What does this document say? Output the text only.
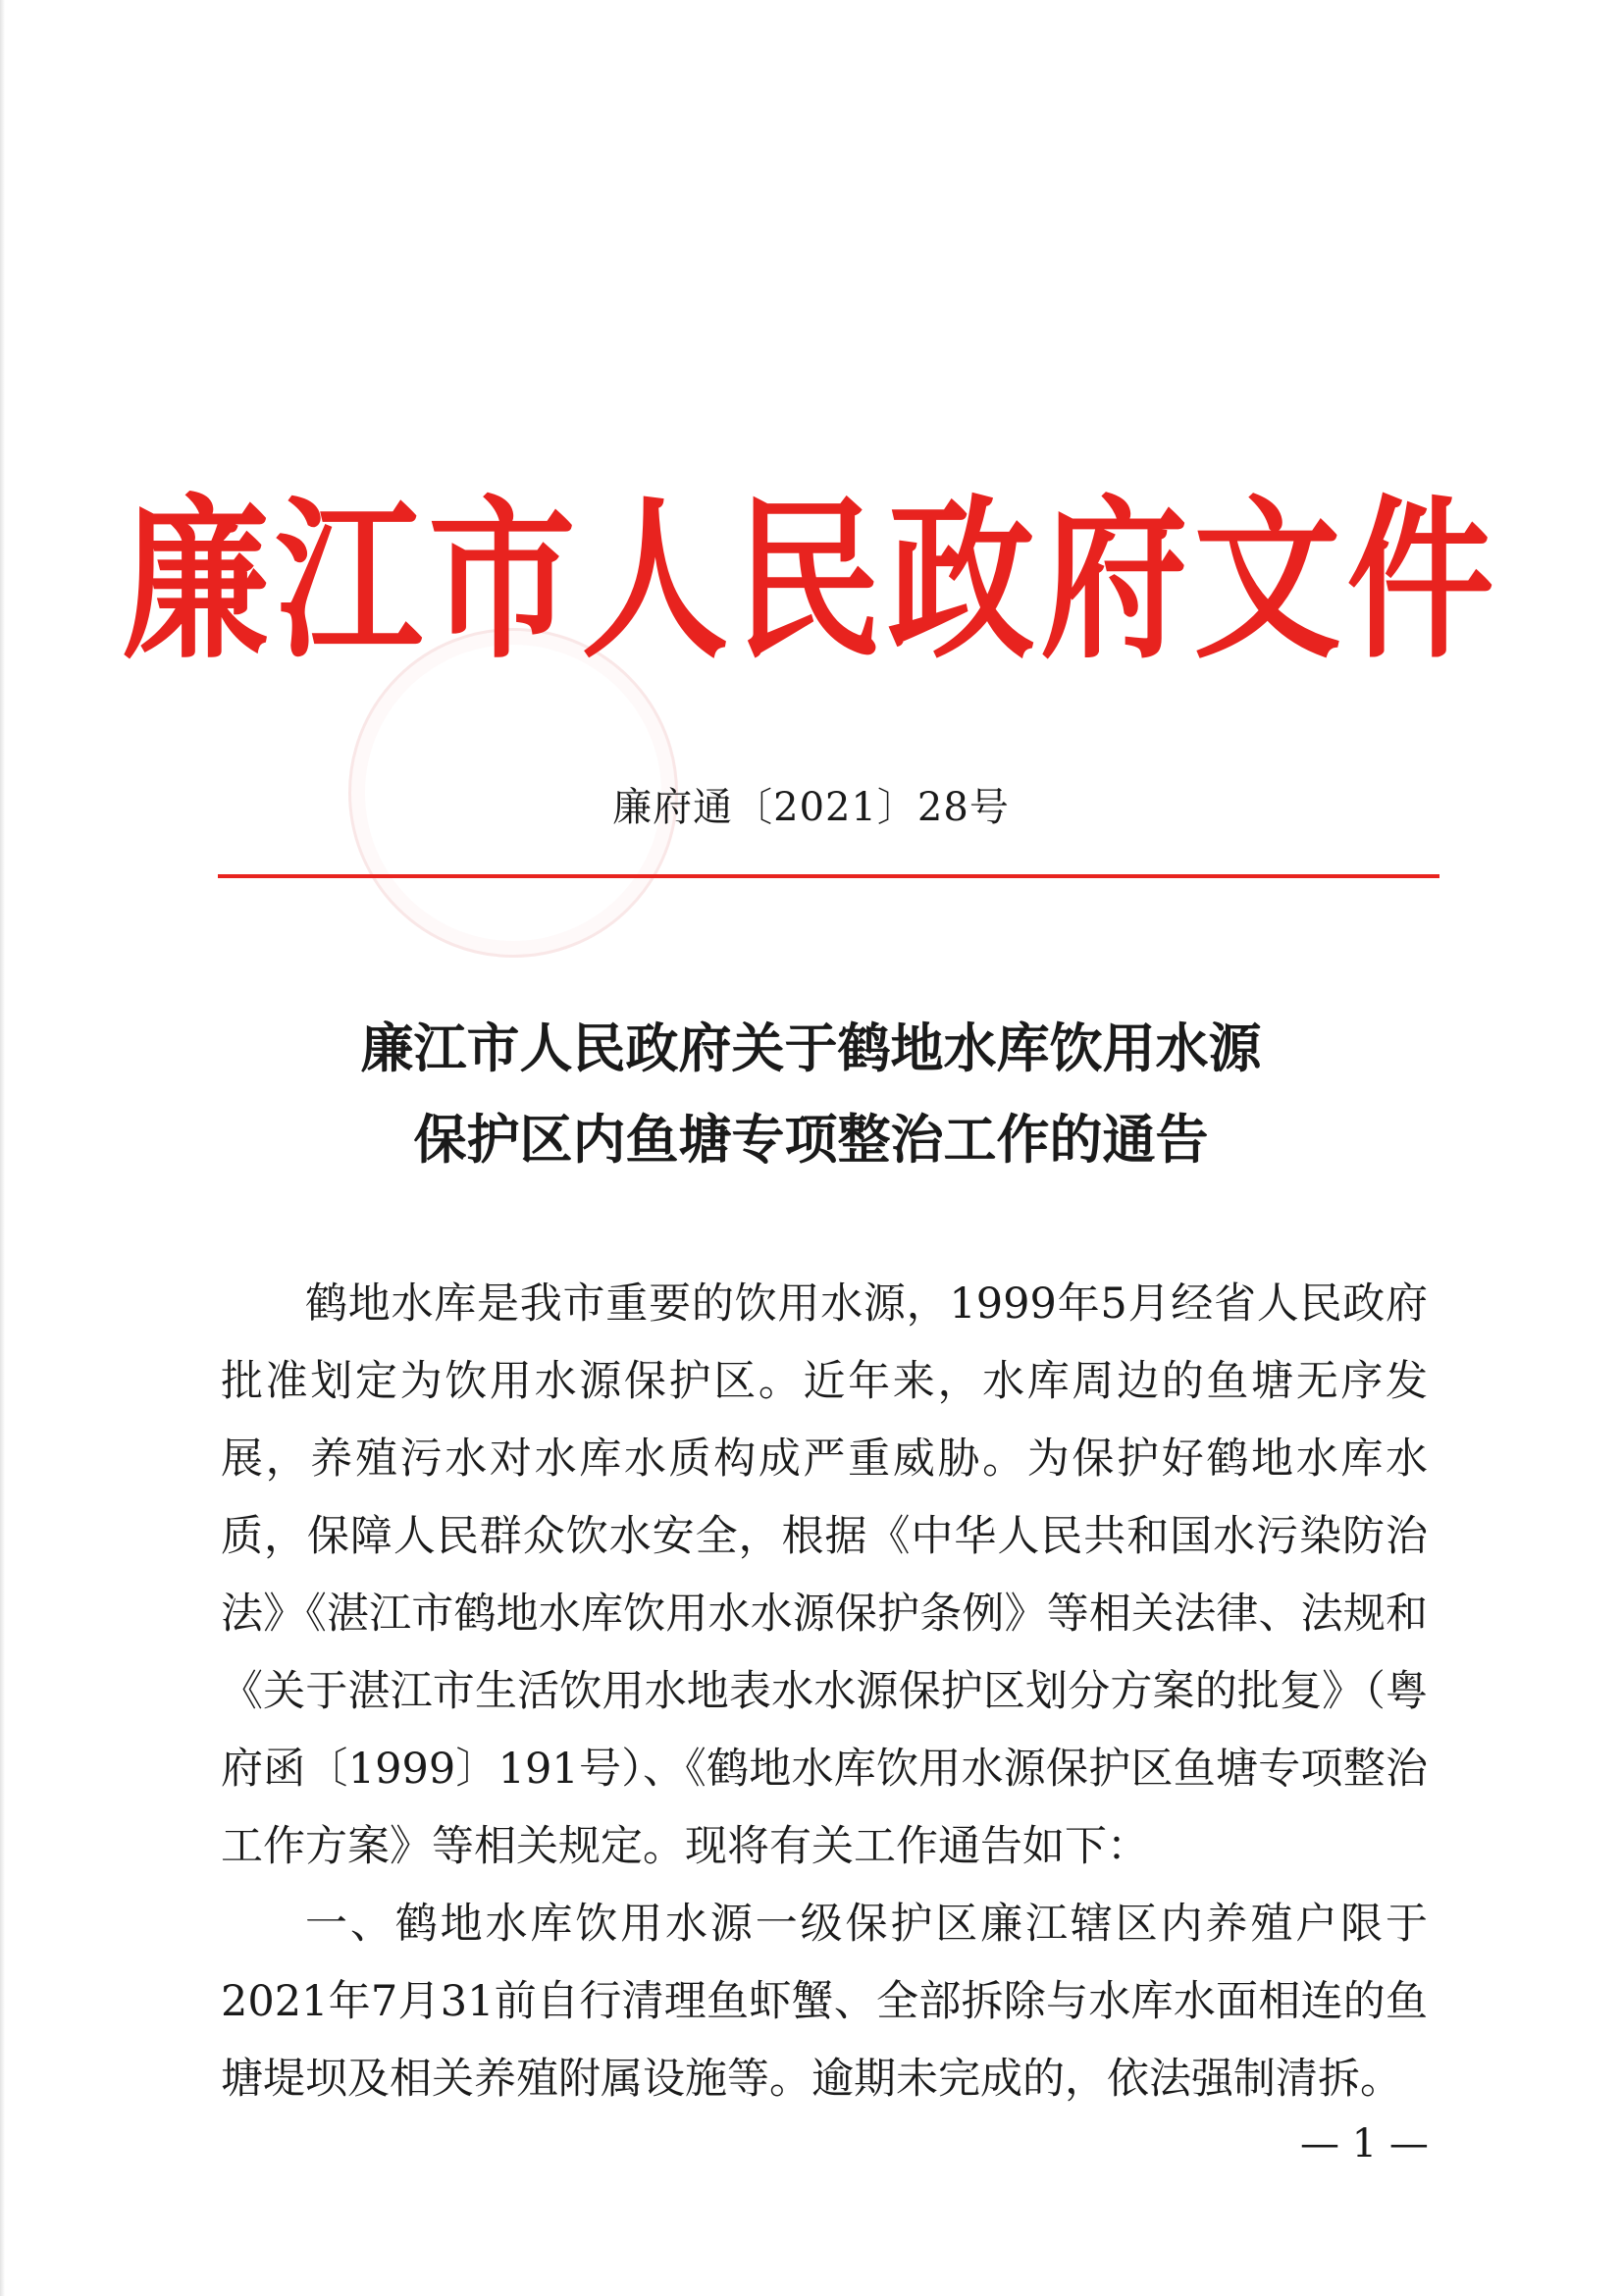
廉江市人民政府文件
廉府通〔2021〕28号
廉江市人民政府关于鹤地水库饮用水源
保护区内鱼塘专项整治工作的通告

鹤地水库是我市重要的饮用水源，1999年5月经省人民政府批准划定为饮用水源保护区。近年来，水库周边的鱼塘无序发展，养殖污水对水库水质构成严重威胁。为保护好鹤地水库水质，保障人民群众饮水安全，根据《中华人民共和国水污染防治法》《湛江市鹤地水库饮用水水源保护条例》等相关法律、法规和《关于湛江市生活饮用水地表水水源保护区划分方案的批复》（粤府函〔1999〕191号）、《鹤地水库饮用水源保护区鱼塘专项整治工作方案》等相关规定。现将有关工作通告如下：

一、鹤地水库饮用水源一级保护区廉江辖区内养殖户限于2021年7月31前自行清理鱼虾蟹、全部拆除与水库水面相连的鱼塘堤坝及相关养殖附属设施等。逾期未完成的，依法强制清拆。

— 1 —
